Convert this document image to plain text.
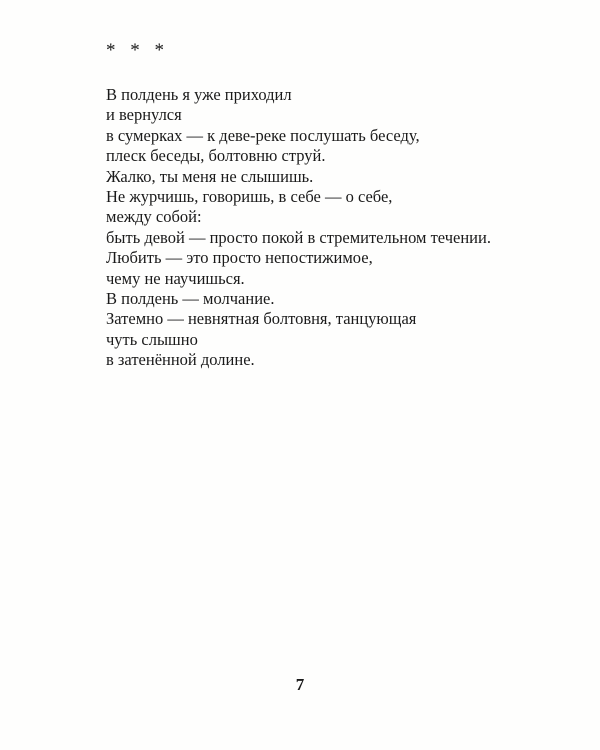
* * *
В полдень я уже приходил
и вернулся
в сумерках — к деве-реке послушать беседу,
плеск беседы, болтовню струй.
Жалко, ты меня не слышишь.
Не журчишь, говоришь, в себе — о себе,
между собой:
быть девой — просто покой в стремительном течении.
Любить — это просто непостижимое,
чему не научишься.
В полдень — молчание.
Затемно — невнятная болтовня, танцующая
чуть слышно
в затенённой долине.
7
